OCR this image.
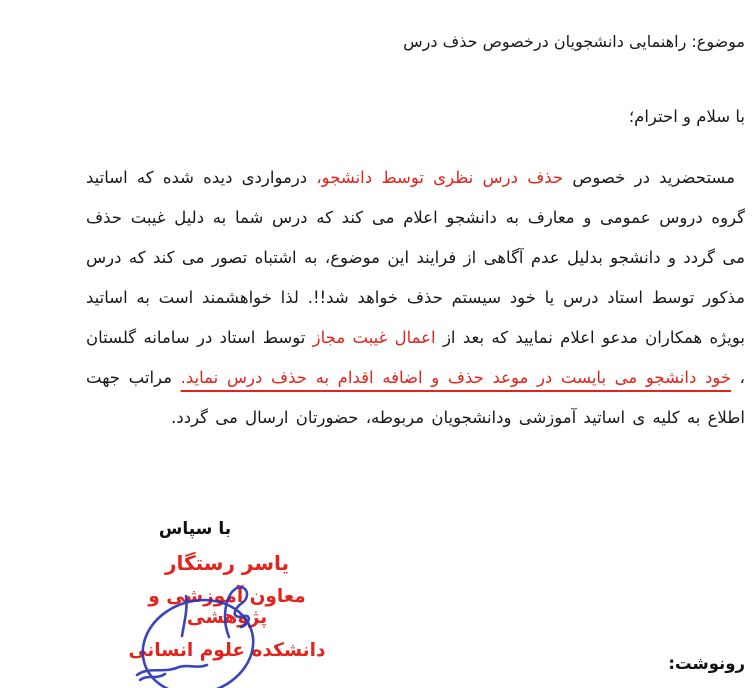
موضوع: راهنمایی دانشجویان درخصوص حذف درس
با سلام و احترام؛
مستحضرید در خصوص حذف درس نظری توسط دانشجو، درمواردی دیده شده که اساتید گروه دروس عمومی و معارف به دانشجو اعلام می کند که درس شما به دلیل غیبت حذف می گردد و دانشجو بدلیل عدم آگاهی از فرایند این موضوع، به اشتباه تصور می کند که درس مذکور توسط استاد درس یا خود سیستم حذف خواهد شد!!. لذا خواهشمند است به اساتید بویژه همکاران مدعو اعلام نمایید که بعد از اعمال غیبت مجاز توسط استاد در سامانه گلستان ، خود دانشجو می بایست در موعد حذف و اضافه اقدام به حذف درس نماید. مراتب جهت اطلاع به کلیه ی اساتید آموزشی ودانشجویان مربوطه، حضورتان ارسال می گردد.
با سپاس
یاسر رستگار
معاون آموزشی و پژوهشی
دانشکده علوم انسانی
رونوشت:
